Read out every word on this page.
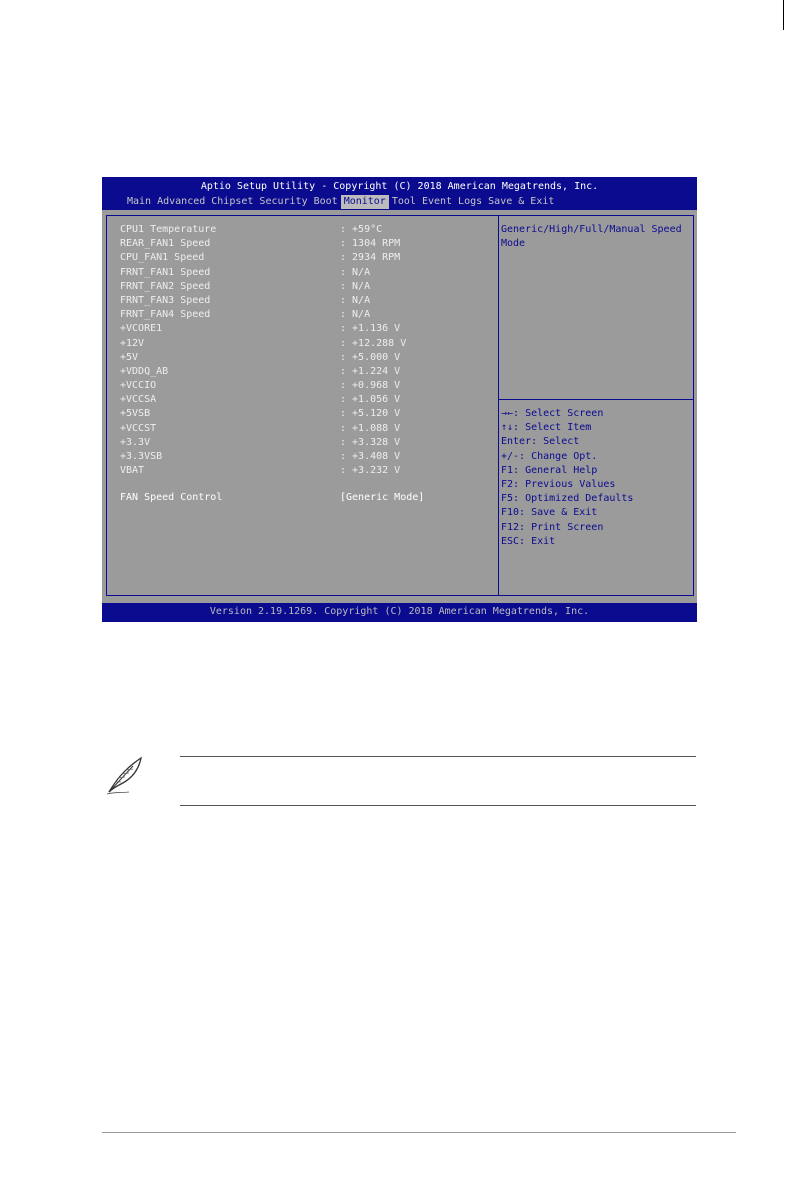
Aptio Setup Utility - Copyright (C) 2018 American Megatrends, Inc.
Main Advanced Chipset Security Boot Monitor Tool Event Logs Save & Exit
CPU1 Temperature	: +59°C
REAR_FAN1 Speed	: 1304 RPM
CPU_FAN1 Speed	: 2934 RPM
FRNT_FAN1 Speed	: N/A
FRNT_FAN2 Speed	: N/A
FRNT_FAN3 Speed	: N/A
FRNT_FAN4 Speed	: N/A
+VCORE1	: +1.136 V
+12V	: +12.288 V
+5V	: +5.000 V
+VDDQ_AB	: +1.224 V
+VCCIO	: +0.968 V
+VCCSA	: +1.056 V
+5VSB	: +5.120 V
+VCCST	: +1.088 V
+3.3V	: +3.328 V
+3.3VSB	: +3.408 V
VBAT	: +3.232 V
FAN Speed Control	[Generic Mode]
Generic/High/Full/Manual Speed
Mode
→←: Select Screen
↑↓: Select Item
Enter: Select
+/-: Change Opt.
F1: General Help
F2: Previous Values
F5: Optimized Defaults
F10: Save & Exit
F12: Print Screen
ESC: Exit
Version 2.19.1269. Copyright (C) 2018 American Megatrends, Inc.
